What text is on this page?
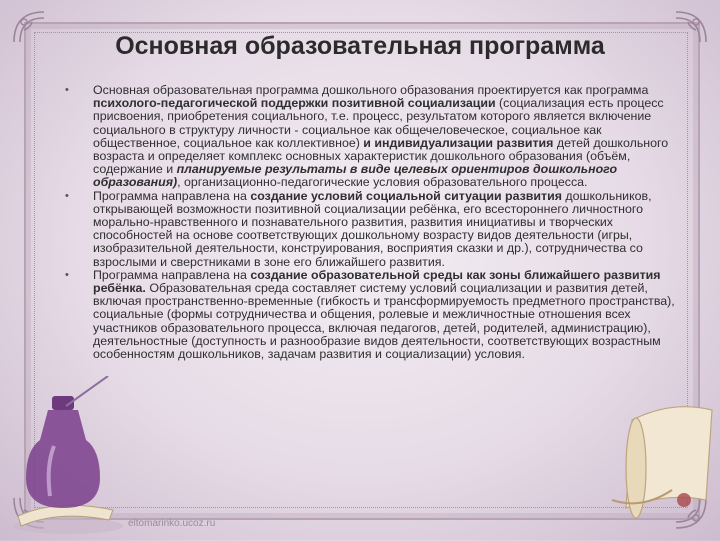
Основная образовательная программа
• Основная образовательная программа дошкольного образования проектируется как программа психолого-педагогической поддержки позитивной социализации (социализация есть процесс присвоения, приобретения социального, т.е. процесс, результатом которого является включение социального в структуру личности - социальное как общечеловеческое, социальное как общественное, социальное как коллективное) и индивидуализации развития детей дошкольного возраста и определяет комплекс основных характеристик дошкольного образования (объём, содержание и планируемые результаты в виде целевых ориентиров дошкольного образования), организационно-педагогические условия образовательного процесса.
• Программа направлена на создание условий социальной ситуации развития дошкольников, открывающей возможности позитивной социализации ребёнка, его всестороннего личностного морально-нравственного и познавательного развития, развития инициативы и творческих способностей на основе соответствующих дошкольному возрасту видов деятельности (игры, изобразительной деятельности, конструирования, восприятия сказки и др.), сотрудничества со взрослыми и сверстниками в зоне его ближайшего развития.
• Программа направлена на создание образовательной среды как зоны ближайшего развития ребёнка. Образовательная среда составляет систему условий социализации и развития детей, включая пространственно-временные (гибкость и трансформируемость предметного пространства), социальные (формы сотрудничества и общения, ролевые и межличностные отношения всех участников образовательного процесса, включая педагогов, детей, родителей, администрацию), деятельностные (доступность и разнообразие видов деятельности, соответствующих возрастным особенностям дошкольников, задачам развития и социализации) условия.
eltomarinko.ucoz.ru
